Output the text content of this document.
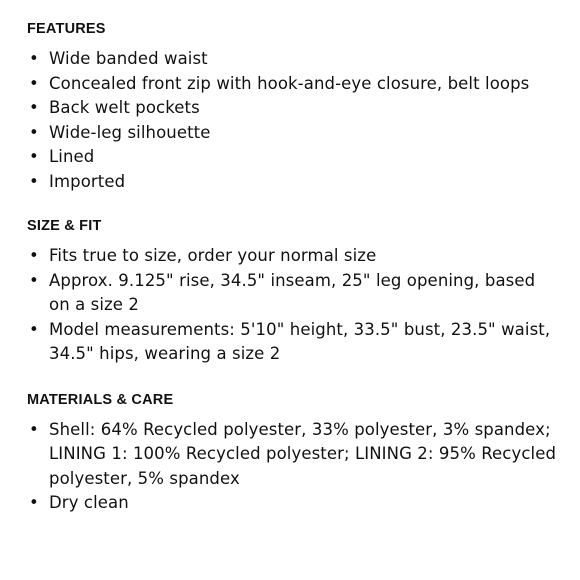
FEATURES
• Wide banded waist
• Concealed front zip with hook-and-eye closure, belt loops
• Back welt pockets
• Wide-leg silhouette
• Lined
• Imported
SIZE & FIT
• Fits true to size, order your normal size
• Approx. 9.125" rise, 34.5" inseam, 25" leg opening, based on a size 2
• Model measurements: 5'10" height, 33.5" bust, 23.5" waist, 34.5" hips, wearing a size 2
MATERIALS & CARE
• Shell: 64% Recycled polyester, 33% polyester, 3% spandex; LINING 1: 100% Recycled polyester; LINING 2: 95% Recycled polyester, 5% spandex
• Dry clean
